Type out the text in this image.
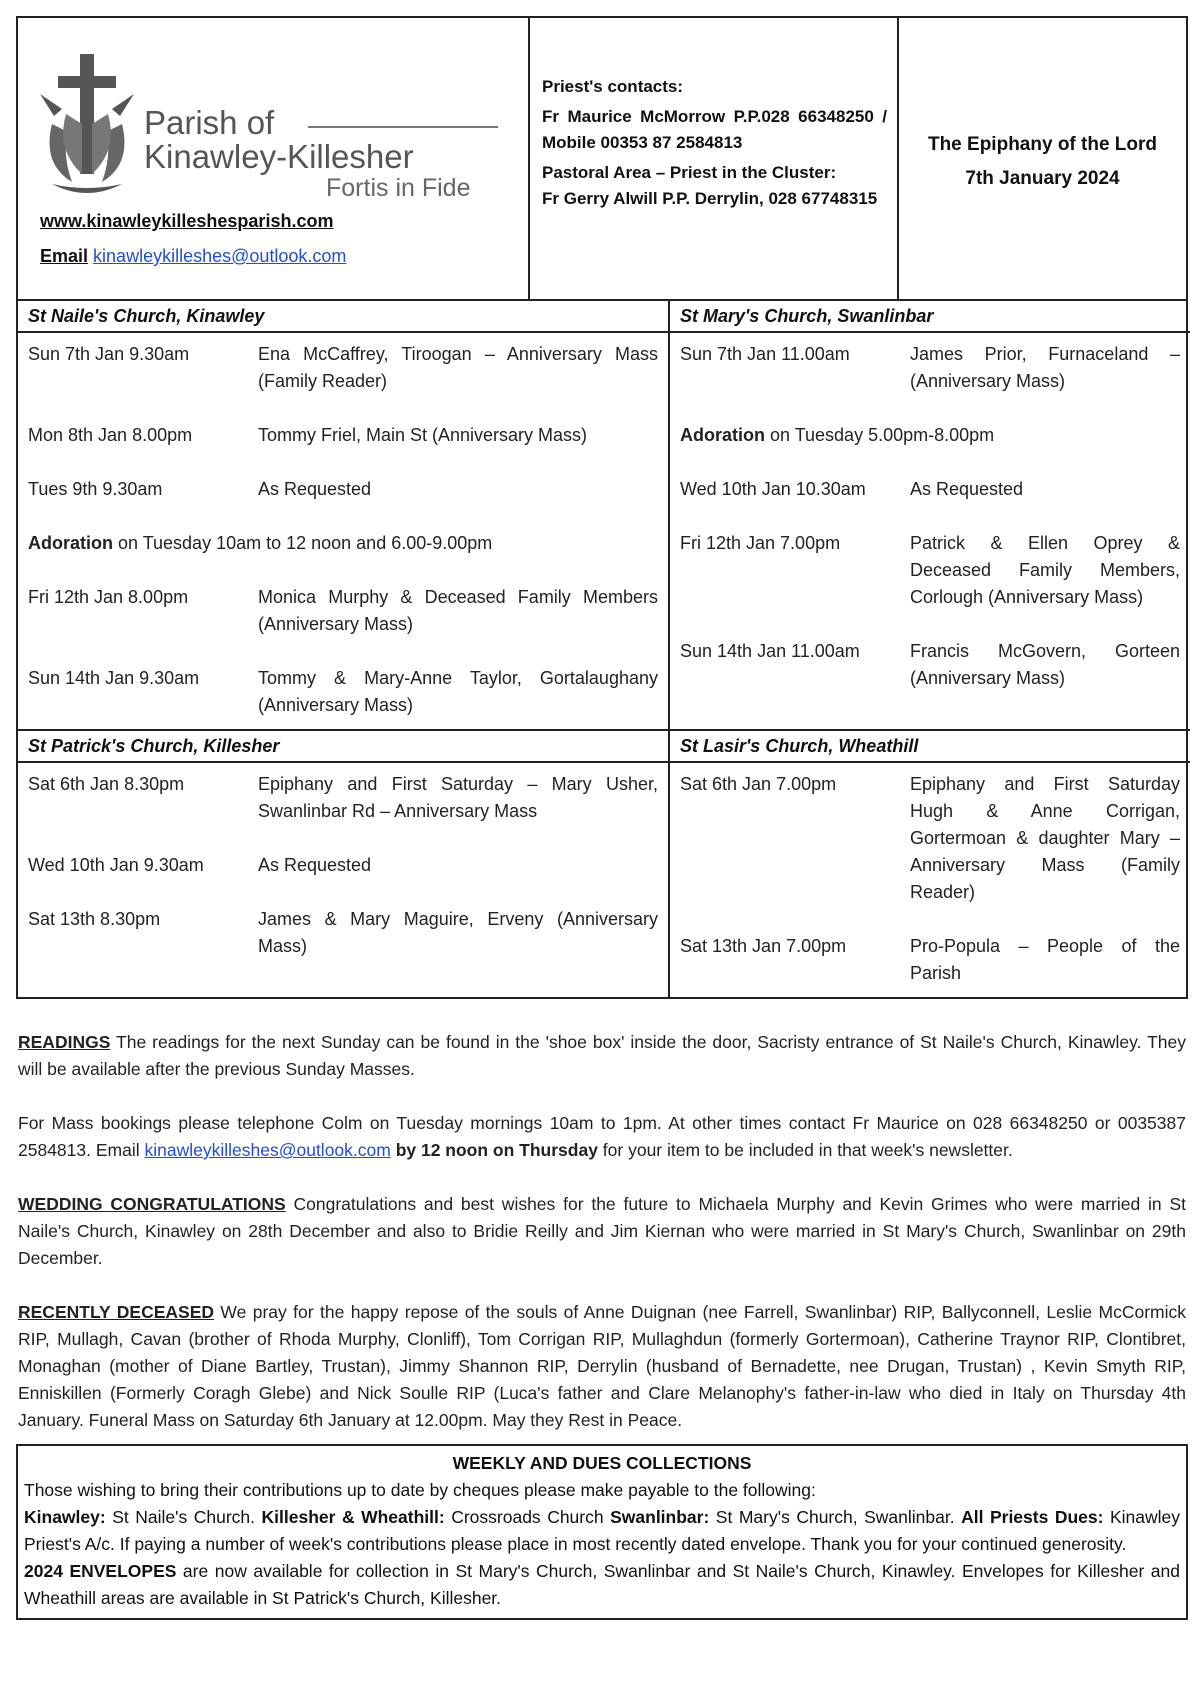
Parish of
Kinawley-Killesher
Fortis in Fide
www.kinawleykilleshesparish.com
Email kinawleykilleshes@outlook.com

Priest's contacts:

Fr Maurice McMorrow P.P.028 66348250 / Mobile 00353 87 2584813

Pastoral Area – Priest in the Cluster:

Fr Gerry Alwill P.P. Derrylin, 028 67748315

The Epiphany of the Lord
7th January 2024
St Naile's Church, Kinawley
Sun 7th Jan 9.30am	Ena McCaffrey, Tiroogan – Anniversary Mass (Family Reader)
Mon 8th Jan 8.00pm	Tommy Friel, Main St (Anniversary Mass)
Tues 9th 9.30am	As Requested
Adoration on Tuesday 10am to 12 noon and 6.00-9.00pm
Fri 12th Jan 8.00pm	Monica Murphy & Deceased Family Members (Anniversary Mass)
Sun 14th Jan 9.30am	Tommy & Mary-Anne Taylor, Gortalaughany (Anniversary Mass)
St Mary's Church, Swanlinbar
Sun 7th Jan 11.00am	James Prior, Furnaceland – (Anniversary Mass)
Adoration on Tuesday 5.00pm-8.00pm
Wed 10th Jan 10.30am	As Requested
Fri 12th Jan 7.00pm	Patrick & Ellen Oprey & Deceased Family Members, Corlough (Anniversary Mass)
Sun 14th Jan 11.00am	Francis McGovern, Gorteen (Anniversary Mass)
St Patrick's Church, Killesher
Sat 6th Jan 8.30pm	Epiphany and First Saturday – Mary Usher, Swanlinbar Rd – Anniversary Mass
Wed 10th Jan 9.30am	As Requested
Sat 13th 8.30pm	James & Mary Maguire, Erveny (Anniversary Mass)
St Lasir's Church, Wheathill
Sat 6th Jan 7.00pm	Epiphany and First Saturday Hugh & Anne Corrigan, Gortermoan & daughter Mary – Anniversary Mass (Family Reader)
Sat 13th Jan 7.00pm	Pro-Popula – People of the Parish

READINGS The readings for the next Sunday can be found in the 'shoe box' inside the door, Sacristy entrance of St Naile's Church, Kinawley. They will be available after the previous Sunday Masses.

For Mass bookings please telephone Colm on Tuesday mornings 10am to 1pm. At other times contact Fr Maurice on 028 66348250 or 0035387 2584813. Email kinawleykilleshes@outlook.com by 12 noon on Thursday for your item to be included in that week's newsletter.

WEDDING CONGRATULATIONS Congratulations and best wishes for the future to Michaela Murphy and Kevin Grimes who were married in St Naile's Church, Kinawley on 28th December and also to Bridie Reilly and Jim Kiernan who were married in St Mary's Church, Swanlinbar on 29th December.

RECENTLY DECEASED We pray for the happy repose of the souls of Anne Duignan (nee Farrell, Swanlinbar) RIP, Ballyconnell, Leslie McCormick RIP, Mullagh, Cavan (brother of Rhoda Murphy, Clonliff), Tom Corrigan RIP, Mullaghdun (formerly Gortermoan), Catherine Traynor RIP, Clontibret, Monaghan (mother of Diane Bartley, Trustan), Jimmy Shannon RIP, Derrylin (husband of Bernadette, nee Drugan, Trustan) , Kevin Smyth RIP, Enniskillen (Formerly Coragh Glebe) and Nick Soulle RIP (Luca's father and Clare Melanophy's father-in-law who died in Italy on Thursday 4th January. Funeral Mass on Saturday 6th January at 12.00pm. May they Rest in Peace.

WEEKLY AND DUES COLLECTIONS

Those wishing to bring their contributions up to date by cheques please make payable to the following:

Kinawley: St Naile's Church. Killesher & Wheathill: Crossroads Church Swanlinbar: St Mary's Church, Swanlinbar. All Priests Dues: Kinawley Priest's A/c. If paying a number of week's contributions please place in most recently dated envelope. Thank you for your continued generosity.

2024 ENVELOPES are now available for collection in St Mary's Church, Swanlinbar and St Naile's Church, Kinawley. Envelopes for Killesher and Wheathill areas are available in St Patrick's Church, Killesher.
